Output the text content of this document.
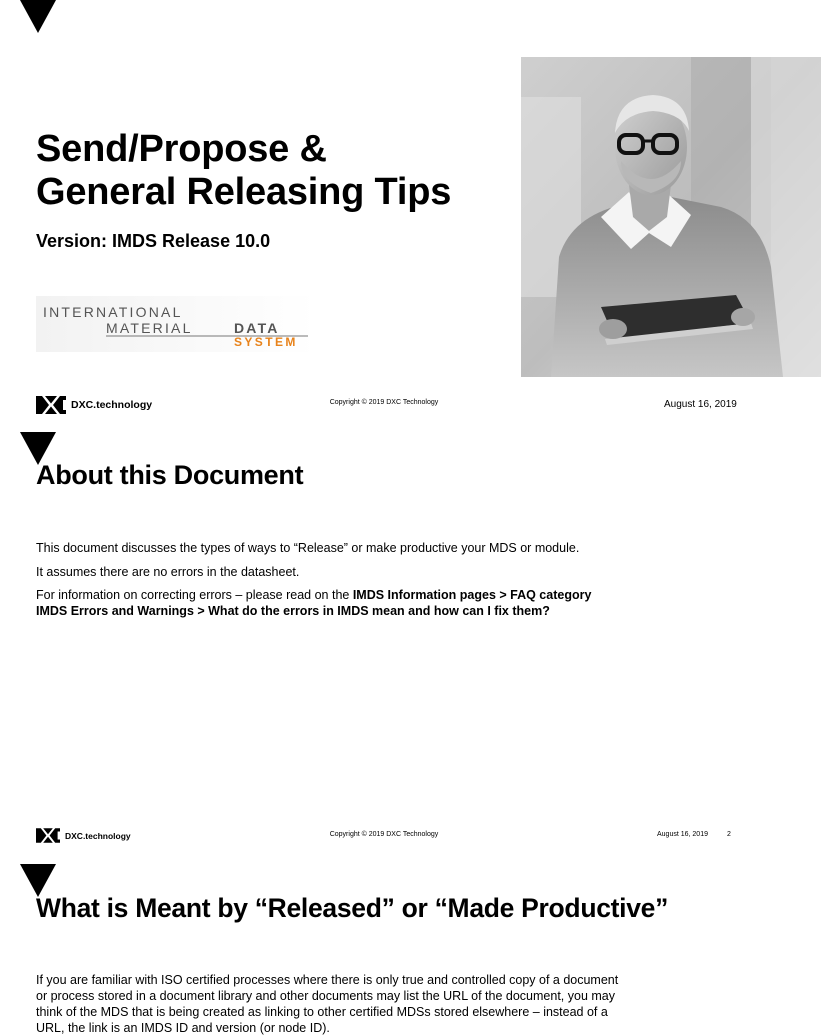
Send/Propose &
General Releasing Tips
Version: IMDS Release 10.0
INTERNATIONAL
MATERIAL	DATA
SYSTEM
DXC.technology	Copyright © 2019 DXC Technology	August 16, 2019
About this Document

This document discusses the types of ways to “Release” or make productive your MDS or module.

It assumes there are no errors in the datasheet.

For information on correcting errors – please read on the IMDS Information pages > FAQ category IMDS Errors and Warnings > What do the errors in IMDS mean and how can I fix them?

DXC.technology	Copyright © 2019 DXC Technology	August 16, 2019	2
What is Meant by “Released” or “Made Productive”

If you are familiar with ISO certified processes where there is only true and controlled copy of a document or process stored in a document library and other documents may list the URL of the document, you may think of the MDS that is being created as linking to other certified MDSs stored elsewhere – instead of a URL, the link is an IMDS ID and version (or node ID).
